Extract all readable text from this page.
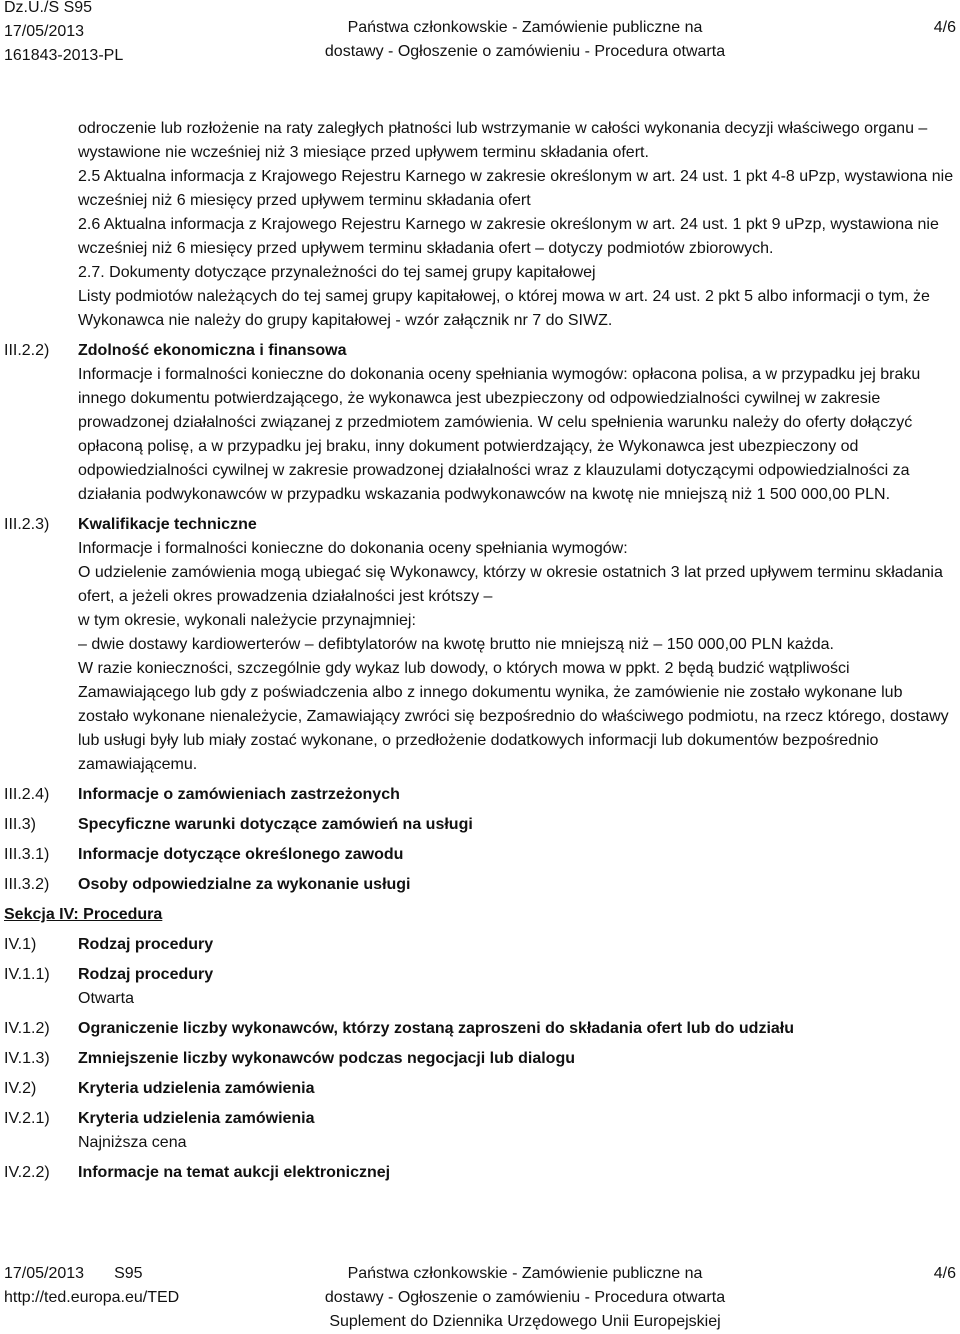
Dz.U./S S95
17/05/2013
161843-2013-PL
Państwa członkowskie - Zamówienie publiczne na
dostawy - Ogłoszenie o zamówieniu - Procedura otwarta
4/6

odroczenie lub rozłożenie na raty zaległych płatności lub wstrzymanie w całości wykonania decyzji właściwego organu – wystawione nie wcześniej niż 3 miesiące przed upływem terminu składania ofert.

2.5 Aktualna informacja z Krajowego Rejestru Karnego w zakresie określonym w art. 24 ust. 1 pkt 4-8 uPzp, wystawiona nie wcześniej niż 6 miesięcy przed upływem terminu składania ofert

2.6 Aktualna informacja z Krajowego Rejestru Karnego w zakresie określonym w art. 24 ust. 1 pkt 9 uPzp, wystawiona nie wcześniej niż 6 miesięcy przed upływem terminu składania ofert – dotyczy podmiotów zbiorowych.

2.7. Dokumenty dotyczące przynależności do tej samej grupy kapitałowej

Listy podmiotów należących do tej samej grupy kapitałowej, o której mowa w art. 24 ust. 2 pkt 5 albo informacji o tym, że Wykonawca nie należy do grupy kapitałowej - wzór załącznik nr 7 do SIWZ.

III.2.2)	Zdolność ekonomiczna i finansowa

Informacje i formalności konieczne do dokonania oceny spełniania wymogów: opłacona polisa, a w przypadku jej braku innego dokumentu potwierdzającego, że wykonawca jest ubezpieczony od odpowiedzialności cywilnej w zakresie prowadzonej działalności związanej z przedmiotem zamówienia. W celu spełnienia warunku należy do oferty dołączyć opłaconą polisę, a w przypadku jej braku, inny dokument potwierdzający, że Wykonawca jest ubezpieczony od odpowiedzialności cywilnej w zakresie prowadzonej działalności wraz z klauzulami dotyczącymi odpowiedzialności za działania podwykonawców w przypadku wskazania podwykonawców na kwotę nie mniejszą niż 1 500 000,00 PLN.

III.2.3)	Kwalifikacje techniczne

Informacje i formalności konieczne do dokonania oceny spełniania wymogów:

O udzielenie zamówienia mogą ubiegać się Wykonawcy, którzy w okresie ostatnich 3 lat przed upływem terminu składania ofert, a jeżeli okres prowadzenia działalności jest krótszy –

w tym okresie, wykonali należycie przynajmniej:

– dwie dostawy kardiowerterów – defibtylatorów na kwotę brutto nie mniejszą niż – 150 000,00 PLN każda.

W razie konieczności, szczególnie gdy wykaz lub dowody, o których mowa w ppkt. 2 będą budzić wątpliwości Zamawiającego lub gdy z poświadczenia albo z innego dokumentu wynika, że zamówienie nie zostało wykonane lub zostało wykonane nienależycie, Zamawiający zwróci się bezpośrednio do właściwego podmiotu, na rzecz którego, dostawy lub usługi były lub miały zostać wykonane, o przedłożenie dodatkowych informacji lub dokumentów bezpośrednio zamawiającemu.

III.2.4)	Informacje o zamówieniach zastrzeżonych
III.3)	Specyficzne warunki dotyczące zamówień na usługi
III.3.1)	Informacje dotyczące określonego zawodu
III.3.2)	Osoby odpowiedzialne za wykonanie usługi
Sekcja IV: Procedura
IV.1)	Rodzaj procedury
IV.1.1)	Rodzaj procedury

Otwarta

IV.1.2)	Ograniczenie liczby wykonawców, którzy zostaną zaproszeni do składania ofert lub do udziału
IV.1.3)	Zmniejszenie liczby wykonawców podczas negocjacji lub dialogu
IV.2)	Kryteria udzielenia zamówienia
IV.2.1)	Kryteria udzielenia zamówienia

Najniższa cena

IV.2.2)	Informacje na temat aukcji elektronicznej
17/05/2013 S95
http://ted.europa.eu/TED
Państwa członkowskie - Zamówienie publiczne na
dostawy - Ogłoszenie o zamówieniu - Procedura otwarta
Suplement do Dziennika Urzędowego Unii Europejskiej
4/6
